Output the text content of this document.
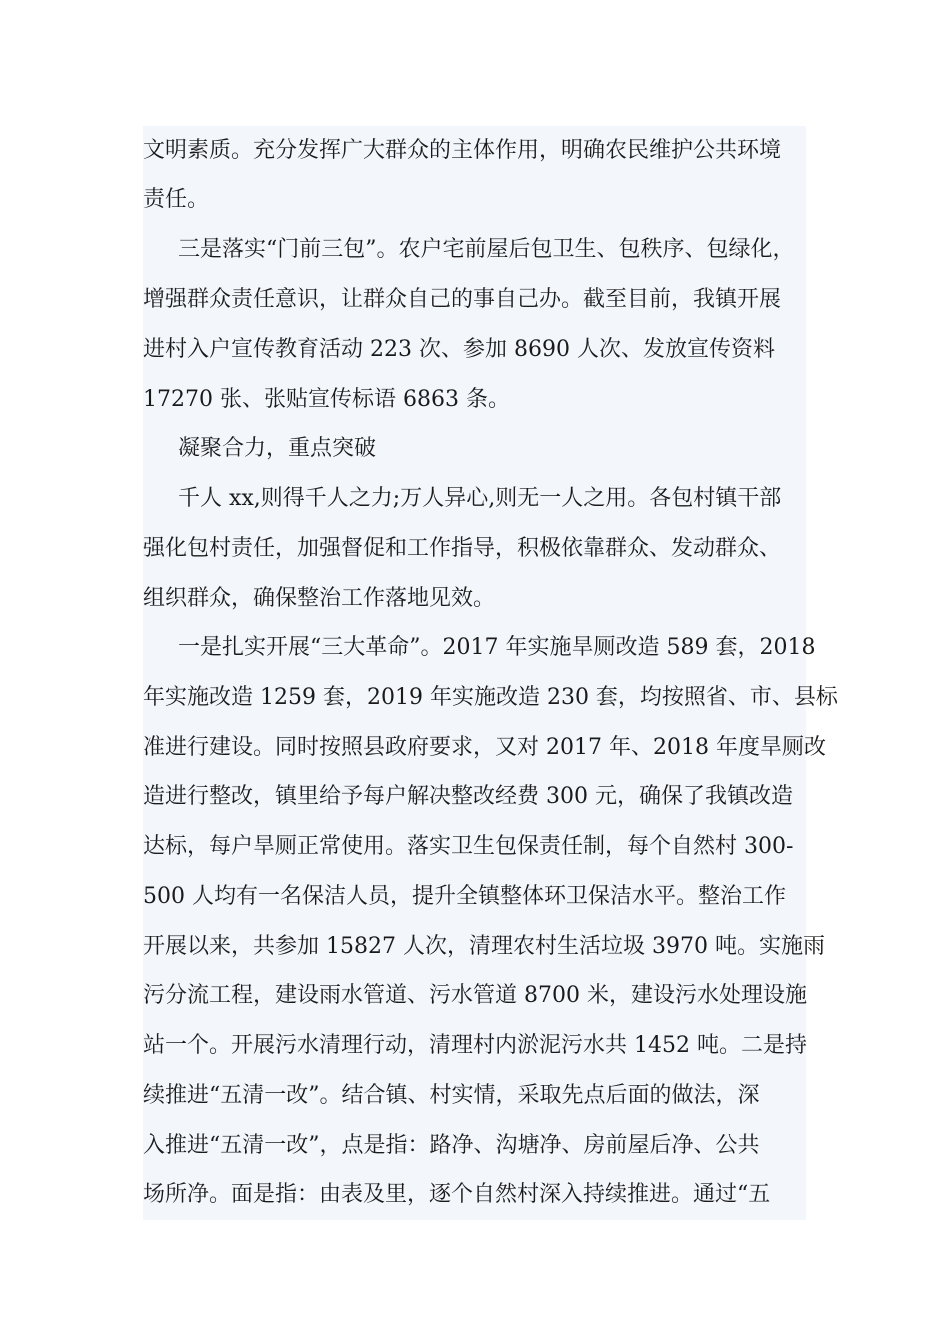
文明素质。充分发挥广大群众的主体作用，明确农民维护公共环境
责任。
三是落实“门前三包”。农户宅前屋后包卫生、包秩序、包绿化，
增强群众责任意识，让群众自己的事自己办。截至目前，我镇开展
进村入户宣传教育活动 223 次、参加 8690 人次、发放宣传资料
17270 张、张贴宣传标语 6863 条。
凝聚合力，重点突破
千人 xx,则得千人之力;万人异心,则无一人之用。各包村镇干部
强化包村责任，加强督促和工作指导，积极依靠群众、发动群众、
组织群众，确保整治工作落地见效。
一是扎实开展“三大革命”。2017 年实施旱厕改造 589 套，2018
年实施改造 1259 套，2019 年实施改造 230 套，均按照省、市、县标
准进行建设。同时按照县政府要求，又对 2017 年、2018 年度旱厕改
造进行整改，镇里给予每户解决整改经费 300 元，确保了我镇改造
达标，每户旱厕正常使用。落实卫生包保责任制，每个自然村 300-
500 人均有一名保洁人员，提升全镇整体环卫保洁水平。整治工作
开展以来，共参加 15827 人次，清理农村生活垃圾 3970 吨。实施雨
污分流工程，建设雨水管道、污水管道 8700 米，建设污水处理设施
站一个。开展污水清理行动，清理村内淤泥污水共 1452 吨。二是持
续推进“五清一改”。结合镇、村实情，采取先点后面的做法，深
入推进“五清一改”，点是指：路净、沟塘净、房前屋后净、公共
场所净。面是指：由表及里，逐个自然村深入持续推进。通过“五
